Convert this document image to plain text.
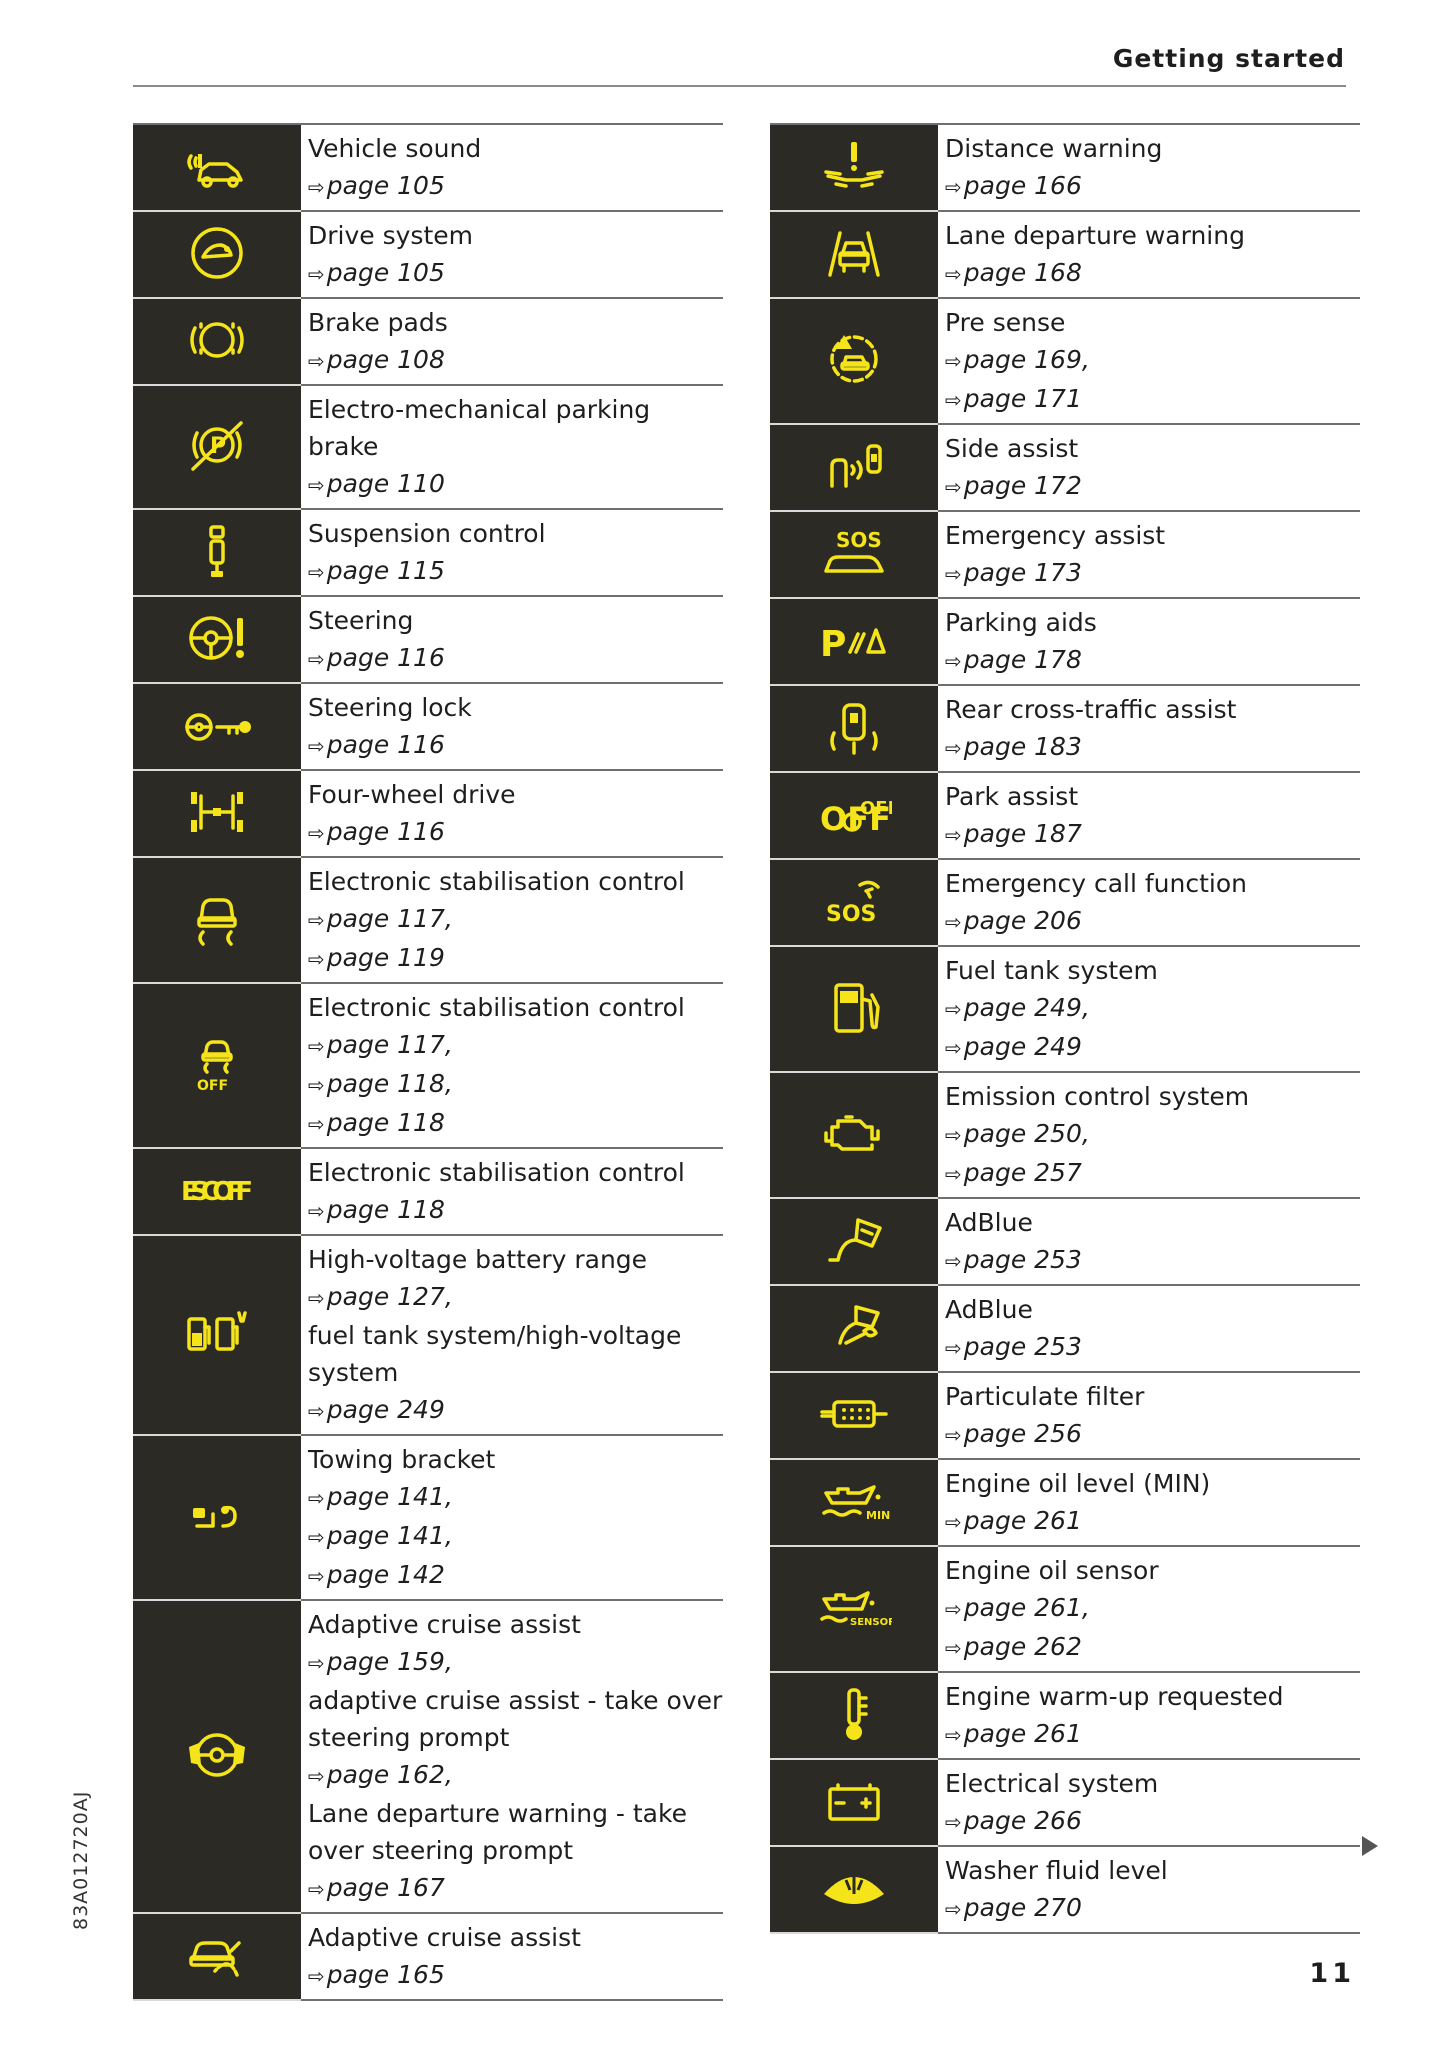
Getting started
Vehicle sound
⇨page 105
Drive system
⇨page 105
Brake pads
⇨page 108
P
Electro-mechanical parking brake
⇨page 110
Suspension control
⇨page 115
Steering
⇨page 116
Steering lock
⇨page 116
Four-wheel drive
⇨page 116
Electronic stabilisation control
⇨page 117,
⇨page 119
OFF
Electronic stabilisation control
⇨page 117,
⇨page 118,
⇨page 118
ESC OFF
Electronic stabilisation control
⇨page 118
High-voltage battery range
⇨page 127,
fuel tank system/high-voltage
system
⇨page 249
Towing bracket
⇨page 141,
⇨page 141,
⇨page 142
Adaptive cruise assist
⇨page 159,
adaptive cruise assist - take over
steering prompt
⇨page 162,
Lane departure warning - take
over steering prompt
⇨page 167
Adaptive cruise assist
⇨page 165
Distance warning
⇨page 166
Lane departure warning
⇨page 168
Pre sense
⇨page 169,
⇨page 171
Side assist
⇨page 172
SOS	Emergency assist
⇨page 173
P
Parking aids
⇨page 178
Rear cross-traffic assist
⇨page 183
OFF
OF	Park assist
⇨page 187
SOS
Emergency call function
⇨page 206
Fuel tank system
⇨page 249,
⇨page 249
Emission control system
⇨page 250,
⇨page 257
AdBlue
⇨page 253
AdBlue
⇨page 253
Particulate filter
⇨page 256
MIN
Engine oil level (MIN)
⇨page 261
SENSOR
Engine oil sensor
⇨page 261,
⇨page 262
Engine warm-up requested
⇨page 261
Electrical system
⇨page 266
Washer fluid level
⇨page 270
83A012720AJ
11
